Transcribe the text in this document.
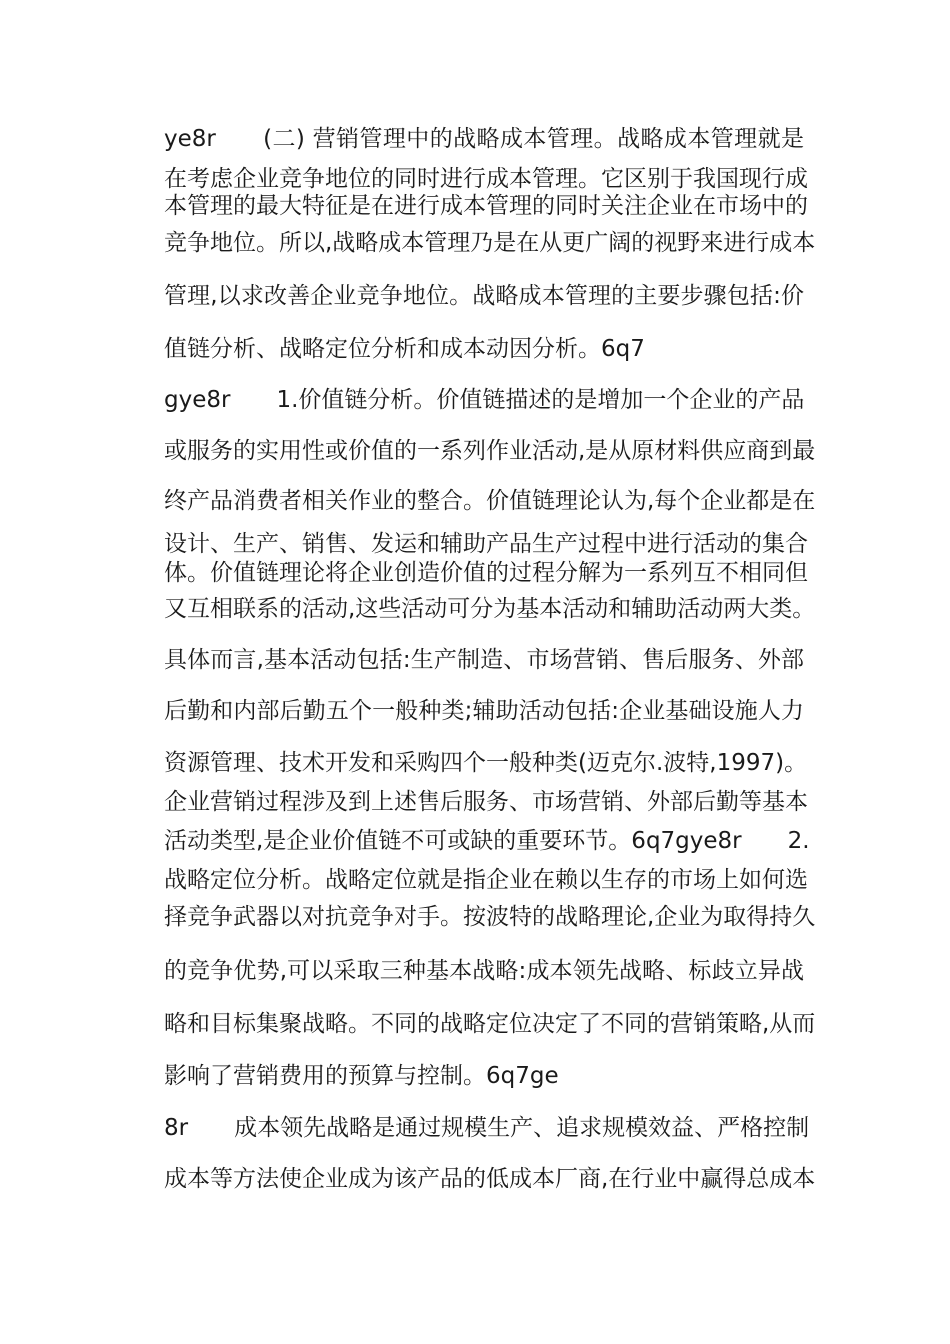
ye8r　　(二) 营销管理中的战略成本管理。战略成本管理就是
在考虑企业竞争地位的同时进行成本管理。它区别于我国现行成
本管理的最大特征是在进行成本管理的同时关注企业在市场中的
竞争地位。所以,战略成本管理乃是在从更广阔的视野来进行成本
管理,以求改善企业竞争地位。战略成本管理的主要步骤包括:价
值链分析、战略定位分析和成本动因分析。6q7
gye8r　　1.价值链分析。价值链描述的是增加一个企业的产品
或服务的实用性或价值的一系列作业活动,是从原材料供应商到最
终产品消费者相关作业的整合。价值链理论认为,每个企业都是在
设计、生产、销售、发运和辅助产品生产过程中进行活动的集合
体。价值链理论将企业创造价值的过程分解为一系列互不相同但
又互相联系的活动,这些活动可分为基本活动和辅助活动两大类。
具体而言,基本活动包括:生产制造、市场营销、售后服务、外部
后勤和内部后勤五个一般种类;辅助活动包括:企业基础设施人力
资源管理、技术开发和采购四个一般种类(迈克尔.波特,1997)。
企业营销过程涉及到上述售后服务、市场营销、外部后勤等基本
活动类型,是企业价值链不可或缺的重要环节。6q7gye8r　　2.
战略定位分析。战略定位就是指企业在赖以生存的市场上如何选
择竞争武器以对抗竞争对手。按波特的战略理论,企业为取得持久
的竞争优势,可以采取三种基本战略:成本领先战略、标歧立异战
略和目标集聚战略。不同的战略定位决定了不同的营销策略,从而
影响了营销费用的预算与控制。6q7ge
8r　　成本领先战略是通过规模生产、追求规模效益、严格控制
成本等方法使企业成为该产品的低成本厂商,在行业中赢得总成本
